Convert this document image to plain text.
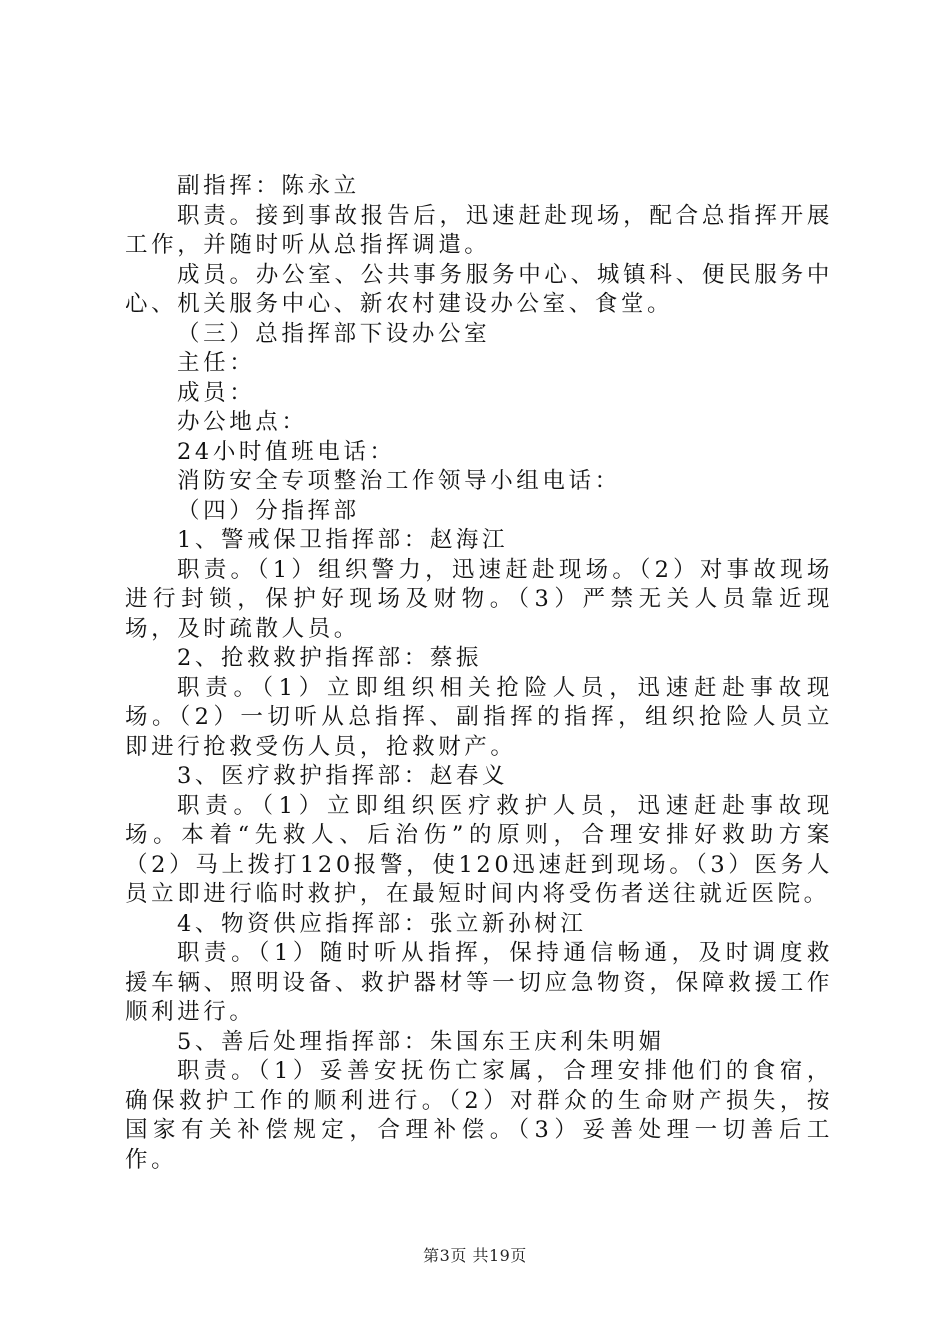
副指挥：陈永立

职责。接到事故报告后，迅速赶赴现场，配合总指挥开展工作，并随时听从总指挥调遣。

成员。办公室、公共事务服务中心、城镇科、便民服务中心、机关服务中心、新农村建设办公室、食堂。

（三）总指挥部下设办公室

主任：

成员：

办公地点：

24小时值班电话：

消防安全专项整治工作领导小组电话：

（四）分指挥部

1、警戒保卫指挥部：赵海江

职责。（1）组织警力，迅速赶赴现场。（2）对事故现场进行封锁，保护好现场及财物。（3）严禁无关人员靠近现场，及时疏散人员。

2、抢救救护指挥部：蔡振

职责。（1）立即组织相关抢险人员，迅速赶赴事故现场。（2）一切听从总指挥、副指挥的指挥，组织抢险人员立即进行抢救受伤人员，抢救财产。

3、医疗救护指挥部：赵春义

职责。（1）立即组织医疗救护人员，迅速赶赴事故现场。本着“先救人、后治伤”的原则，合理安排好救助方案（2）马上拨打120报警，使120迅速赶到现场。（3）医务人员立即进行临时救护，在最短时间内将受伤者送往就近医院。

4、物资供应指挥部：张立新孙树江

职责。（1）随时听从指挥，保持通信畅通，及时调度救援车辆、照明设备、救护器材等一切应急物资，保障救援工作顺利进行。

5、善后处理指挥部：朱国东王庆利朱明媚

职责。（1）妥善安抚伤亡家属，合理安排他们的食宿，确保救护工作的顺利进行。（2）对群众的生命财产损失，按国家有关补偿规定，合理补偿。（3）妥善处理一切善后工作。

第3页 共19页
